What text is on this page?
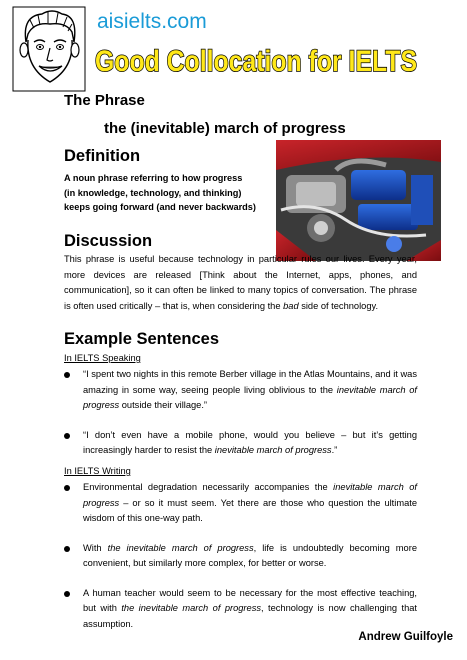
aisielts.com
Good Collocation for IELTS
The Phrase
the (inevitable) march of progress
Definition
A noun phrase referring to how progress
(in knowledge, technology, and thinking)
keeps going forward (and never backwards)
Discussion
This phrase is useful because technology in particular rules our lives. Every year, more devices are released [Think about the Internet, apps, phones, and communication], so it can often be linked to many topics of conversation. The phrase is often used critically – that is, when considering the bad side of technology.
Example Sentences
In IELTS Speaking
“I spent two nights in this remote Berber village in the Atlas Mountains, and it was amazing in some way, seeing people living oblivious to the inevitable march of progress outside their village.”
“I don’t even have a mobile phone, would you believe – but it’s getting increasingly harder to resist the inevitable march of progress.”
In IELTS Writing
Environmental degradation necessarily accompanies the inevitable march of progress – or so it must seem. Yet there are those who question the ultimate wisdom of this one-way path.
With the inevitable march of progress, life is undoubtedly becoming more convenient, but similarly more complex, for better or worse.
A human teacher would seem to be necessary for the most effective teaching, but with the inevitable march of progress, technology is now challenging that assumption.
Andrew Guilfoyle
